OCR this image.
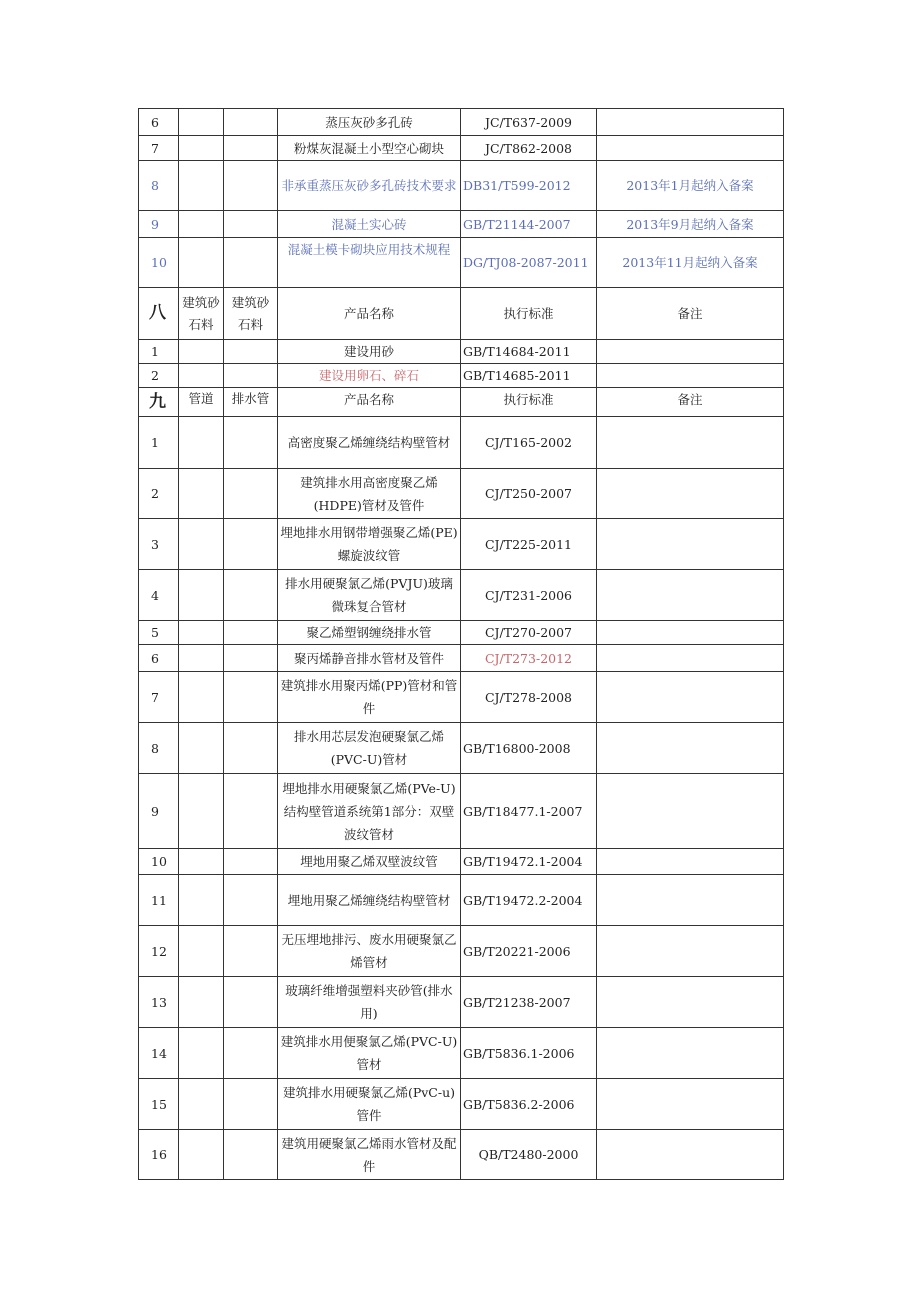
6			蒸压灰砂多孔砖	JC/T637-2009	
7			粉煤灰混凝土小型空心砌块	JC/T862-2008	
8			非承重蒸压灰砂多孔砖技术要求	DB31/T599-2012	2013年1月起纳入备案
9			混凝土实心砖	GB/T21144-2007	2013年9月起纳入备案
10			混凝土模卡砌块应用技术规程	DG/TJ08-2087-2011	2013年11月起纳入备案
八	建筑砂石料	建筑砂石料	产品名称	执行标准	备注
1			建设用砂	GB/T14684-2011	
2			建设用卵石、碎石	GB/T14685-2011	
九	管道	排水管	产品名称	执行标准	备注
1			高密度聚乙烯缠绕结构壁管材	CJ/T165-2002	
2			建筑排水用高密度聚乙烯(HDPE)管材及管件	CJ/T250-2007	
3			埋地排水用钢带增强聚乙烯(PE)螺旋波纹管	CJ/T225-2011	
4			排水用硬聚氯乙烯(PVJU)玻璃微珠复合管材	CJ/T231-2006	
5			聚乙烯塑钢缠绕排水管	CJ/T270-2007	
6			聚丙烯静音排水管材及管件	CJ/T273-2012	
7			建筑排水用聚丙烯(PP)管材和管件	CJ/T278-2008	
8			排水用芯层发泡硬聚氯乙烯(PVC-U)管材	GB/T16800-2008	
9			埋地排水用硬聚氯乙烯(PVe-U)结构壁管道系统第1部分：双壁波纹管材	GB/T18477.1-2007	
10			埋地用聚乙烯双壁波纹管	GB/T19472.1-2004	
11			埋地用聚乙烯缠绕结构壁管材	GB/T19472.2-2004	
12			无压埋地排污、废水用硬聚氯乙烯管材	GB/T20221-2006	
13			玻璃纤维增强塑料夹砂管(排水用)	GB/T21238-2007	
14			建筑排水用便聚氯乙烯(PVC-U)管材	GB/T5836.1-2006	
15			建筑排水用硬聚氯乙烯(PvC-u)管件	GB/T5836.2-2006	
16			建筑用硬聚氯乙烯雨水管材及配件	QB/T2480-2000	
